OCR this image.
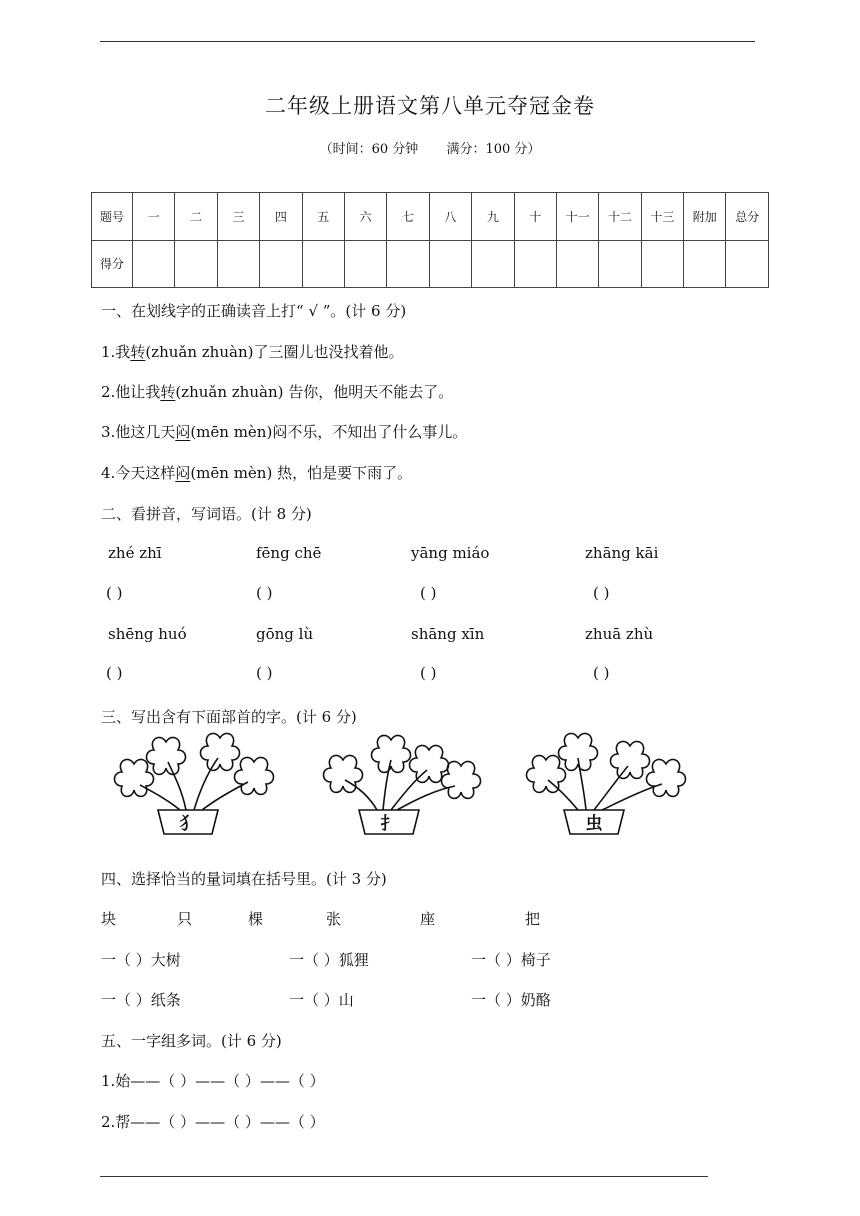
二年级上册语文第八单元夺冠金卷
（时间：60 分钟 满分：100 分）
题号	一	二	三	四	五	六	七	八	九	十	十一	十二	十三	附加	总分
得分															
一、在划线字的正确读音上打“ √ ”。(计 6 分)
1.我转(zhuǎn zhuàn)了三圈儿也没找着他。
2.他让我转(zhuǎn zhuàn) 告你，他明天不能去了。
3.他这几天闷(mēn mèn)闷不乐，不知出了什么事儿。
4.今天这样闷(mēn mèn) 热，怕是要下雨了。
二、看拼音，写词语。(计 8 分)
zhé zhī	fēng chē	yāng miáo	zhāng kāi
( )	( )	( )	( )
shēng huó	gōng lù	shāng xīn	zhuā zhù
( )	( )	( )	( )
三、写出含有下面部首的字。(计 6 分)
犭	扌	虫
四、选择恰当的量词填在括号里。(计 3 分)
块	只	棵	张	座	把
一（ ）大树	一（ ）狐狸	一（ ）椅子
一（ ）纸条	一（ ）山	一（ ）奶酪
五、一字组多词。(计 6 分)
1.始——（ ）——（ ）——（ ）
2.帮——（ ）——（ ）——（ ）
